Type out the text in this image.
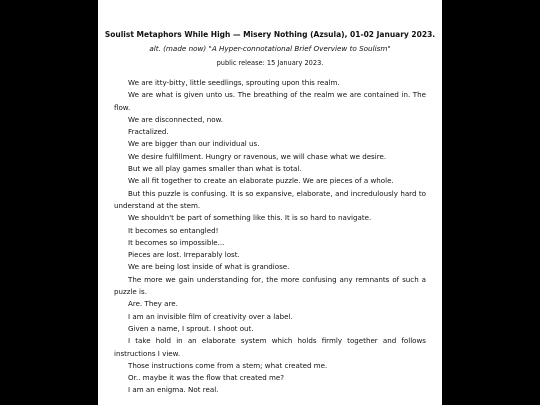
Soulist Metaphors While High — Misery Nothing (Azsula), 01-02 January 2023.
alt. (made now) "A Hyper-connotational Brief Overview to Soulism"
public release: 15 January 2023.

We are itty-bitty, little seedlings, sprouting upon this realm.

We are what is given unto us. The breathing of the realm we are contained in. The flow.

We are disconnected, now.

Fractalized.

We are bigger than our individual us.

We desire fulfillment. Hungry or ravenous, we will chase what we desire.

But we all play games smaller than what is total.

We all fit together to create an elaborate puzzle. We are pieces of a whole.

But this puzzle is confusing. It is so expansive, elaborate, and incredulously hard to understand at the stem.

We shouldn't be part of something like this. It is so hard to navigate.

It becomes so entangled!

It becomes so impossible...

Pieces are lost. Irreparably lost.

We are being lost inside of what is grandiose.

The more we gain understanding for, the more confusing any remnants of such a puzzle is.

Are. They are.

I am an invisible film of creativity over a label.

Given a name, I sprout. I shoot out.

I take hold in an elaborate system which holds firmly together and follows instructions I view.

Those instructions come from a stem; what created me.

Or.. maybe it was the flow that created me?

I am an enigma. Not real.
